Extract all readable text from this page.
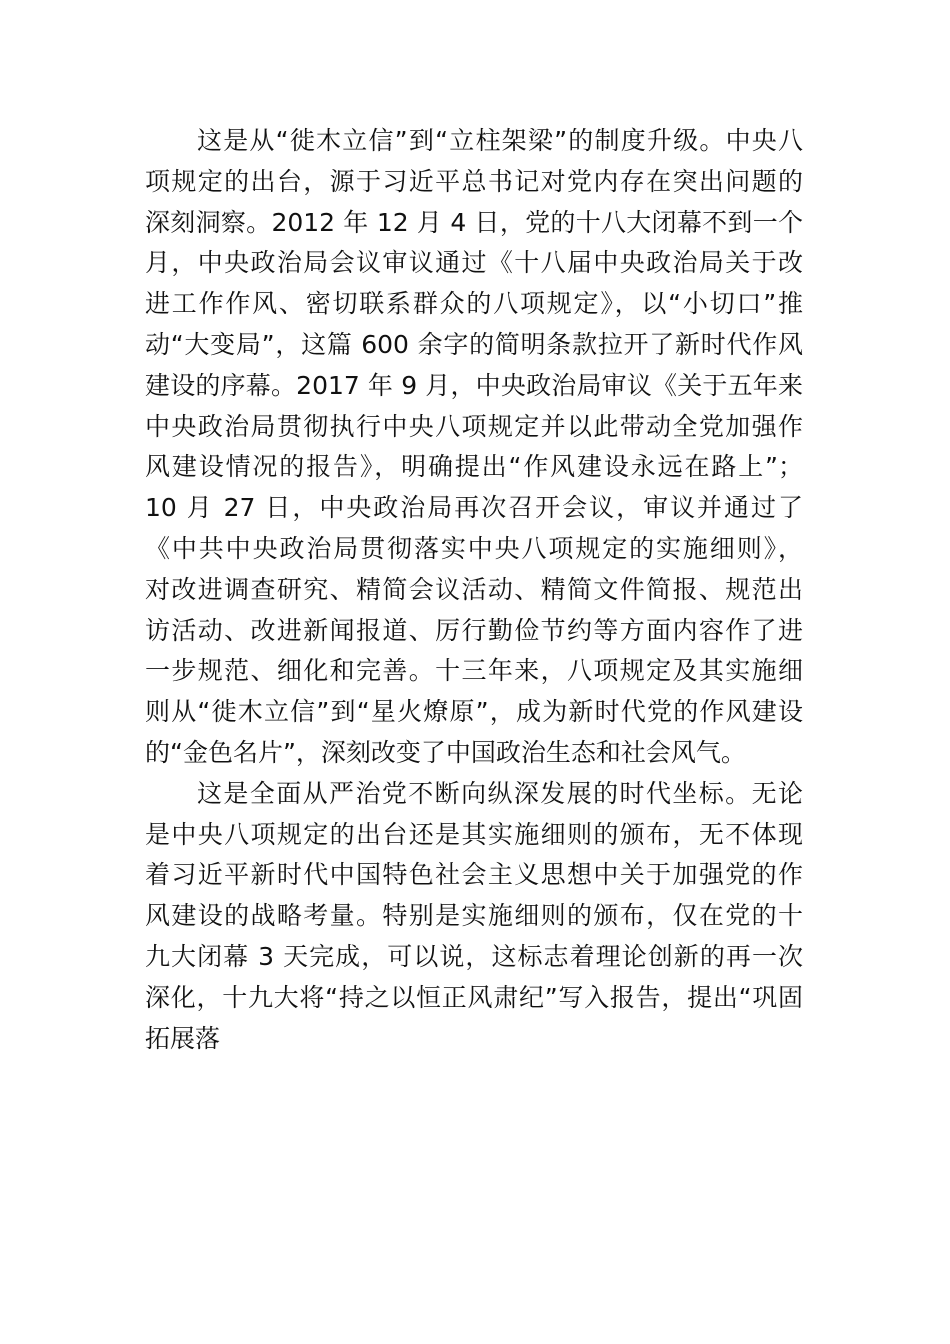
这是从“徙木立信”到“立柱架梁”的制度升级。中央八
项规定的出台，源于习近平总书记对党内存在突出问题的
深刻洞察。2012 年 12 月 4 日，党的十八大闭幕不到一个
月，中央政治局会议审议通过《十八届中央政治局关于改
进工作作风、密切联系群众的八项规定》，以“小切口”推
动“大变局”，这篇 600 余字的简明条款拉开了新时代作风
建设的序幕。2017 年 9 月，中央政治局审议《关于五年来
中央政治局贯彻执行中央八项规定并以此带动全党加强作
风建设情况的报告》，明确提出“作风建设永远在路上”；
10 月 27 日，中央政治局再次召开会议，审议并通过了
《中共中央政治局贯彻落实中央八项规定的实施细则》，
对改进调查研究、精简会议活动、精简文件简报、规范出
访活动、改进新闻报道、厉行勤俭节约等方面内容作了进
一步规范、细化和完善。十三年来，八项规定及其实施细
则从“徙木立信”到“星火燎原”，成为新时代党的作风建设
的“金色名片”，深刻改变了中国政治生态和社会风气。
这是全面从严治党不断向纵深发展的时代坐标。无论
是中央八项规定的出台还是其实施细则的颁布，无不体现
着习近平新时代中国特色社会主义思想中关于加强党的作
风建设的战略考量。特别是实施细则的颁布，仅在党的十
九大闭幕 3 天完成，可以说，这标志着理论创新的再一次
深化，十九大将“持之以恒正风肃纪”写入报告，提出“巩固
拓展落
